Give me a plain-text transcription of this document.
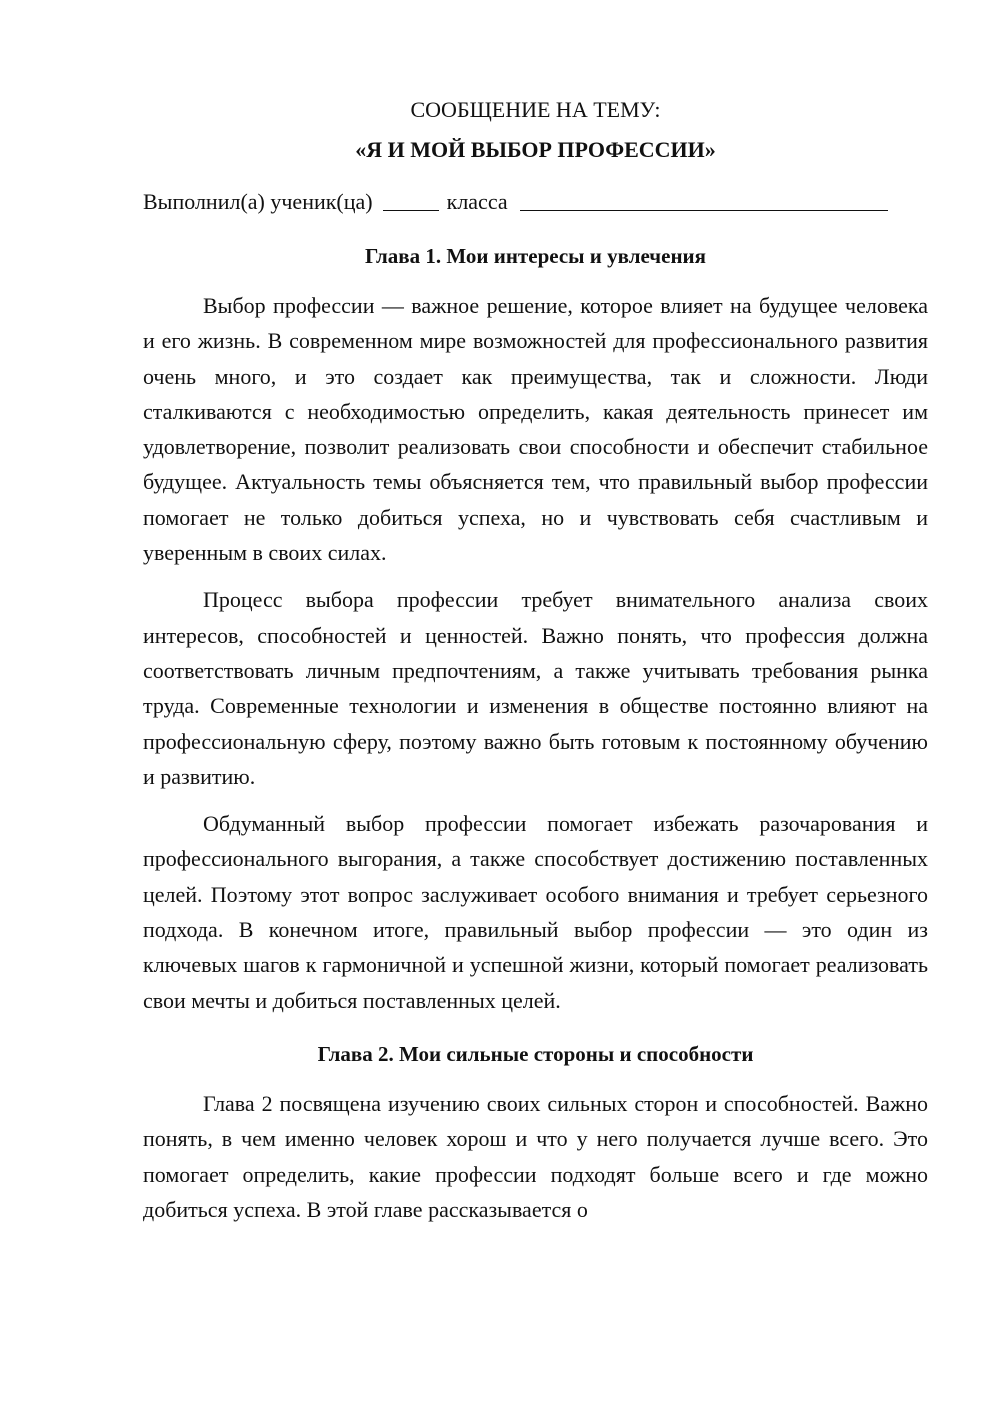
СООБЩЕНИЕ НА ТЕМУ:
«Я И МОЙ ВЫБОР ПРОФЕССИИ»
Выполнил(а) ученик(ца)	класса
Глава 1. Мои интересы и увлечения

Выбор профессии — важное решение, которое влияет на будущее человека и его жизнь. В современном мире возможностей для профессионального развития очень много, и это создает как преимущества, так и сложности. Люди сталкиваются с необходимостью определить, какая деятельность принесет им удовлетворение, позволит реализовать свои способности и обеспечит стабильное будущее. Актуальность темы объясняется тем, что правильный выбор профессии помогает не только добиться успеха, но и чувствовать себя счастливым и уверенным в своих силах.

Процесс выбора профессии требует внимательного анализа своих интересов, способностей и ценностей. Важно понять, что профессия должна соответствовать личным предпочтениям, а также учитывать требования рынка труда. Современные технологии и изменения в обществе постоянно влияют на профессиональную сферу, поэтому важно быть готовым к постоянному обучению и развитию.

Обдуманный выбор профессии помогает избежать разочарования и профессионального выгорания, а также способствует достижению поставленных целей. Поэтому этот вопрос заслуживает особого внимания и требует серьезного подхода. В конечном итоге, правильный выбор профессии — это один из ключевых шагов к гармоничной и успешной жизни, который помогает реализовать свои мечты и добиться поставленных целей.

Глава 2. Мои сильные стороны и способности

Глава 2 посвящена изучению своих сильных сторон и способностей. Важно понять, в чем именно человек хорош и что у него получается лучше всего. Это помогает определить, какие профессии подходят больше всего и где можно добиться успеха. В этой главе рассказывается о
